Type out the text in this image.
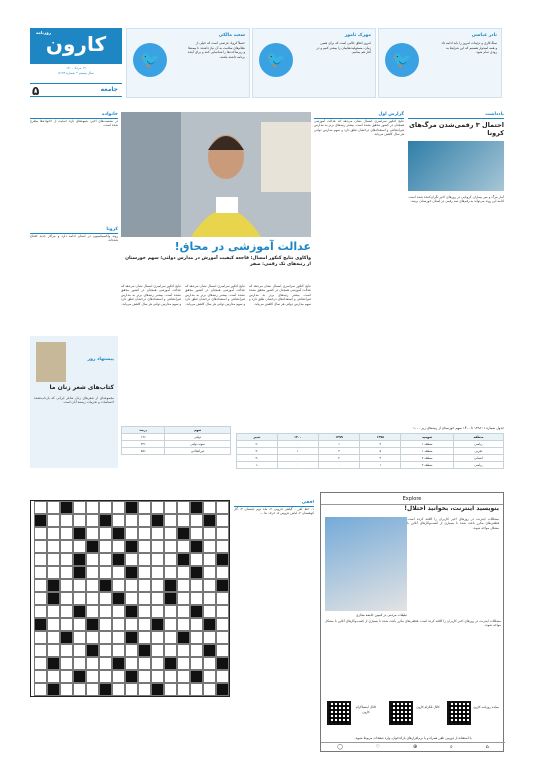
روزنامه
کارون
۱۹ مرداد ۱۴۰۰
سال بیستم • شماره ۵۱۹۳
۵	جامعه
سعید مالکی
حسلاً کرونا، فرصتی است که خیلی از نظام‌های سلامت به آن نیاز داشتند تا بیمه‌ها و زیرساخت‌ها را شناسایی کنند و برای آینده برنامه داشته باشند.
🐦
مهرک تاموز
امروز اتفاق جالبی است که برای همین زمان، مسئولیت‌هایمان را بیشتر کنیم و در کنار هم بمانیم.
🐦
نادر عباسی
سنگ‌کاری و تزئینات امروز را باید ادامه داد و همه امیدوار هستیم که این شرایط به زودی تمام شود.
🐦
خانواده
در نشست‌های اخیر، شیوه‌های تازه حمایت از خانواده‌ها مطرح شده است.
کرونا
روند واکسیناسیون در استان ادامه دارد و مراکز جدید افتتاح شده‌اند.
پیشنهاد روز
کتاب‌های شعر زنان ما
مجموعه‌ای از شعرهای زنان شاعر ایرانی که بازتاب‌دهنده احساسات و تجربیات زیسته آنان است.
عدالت آموزشی در محاق!
واکاوی نتایج کنکور امسال؛ فاجعه کیفیت آموزش در مدارس دولتی؛ سهم خوزستان از رتبه‌های تک رقمی: صفر
نتایج کنکور سراسری امسال نشان می‌دهد که عدالت آموزشی همچنان در کشور محقق نشده است. بیشتر رتبه‌های برتر به مدارس غیرانتفاعی و استعدادهای درخشان تعلق دارد و سهم مدارس دولتی هر سال کاهش می‌یابد.
نتایج کنکور سراسری امسال نشان می‌دهد که عدالت آموزشی همچنان در کشور محقق نشده است. بیشتر رتبه‌های برتر به مدارس غیرانتفاعی و استعدادهای درخشان تعلق دارد و سهم مدارس دولتی هر سال کاهش می‌یابد.
نتایج کنکور سراسری امسال نشان می‌دهد که عدالت آموزشی همچنان در کشور محقق نشده است. بیشتر رتبه‌های برتر به مدارس غیرانتفاعی و استعدادهای درخشان تعلق دارد و سهم مدارس دولتی هر سال کاهش می‌یابد.
گزارش اول
نتایج کنکور سراسری امسال نشان می‌دهد که عدالت آموزشی همچنان در کشور محقق نشده است. بیشتر رتبه‌های برتر به مدارس غیرانتفاعی و استعدادهای درخشان تعلق دارد و سهم مدارس دولتی هر سال کاهش می‌یابد.
یادداشت
احتمال ۳ رقمی‌شدن مرگ‌های کرونا
آمار مرگ و میر بیماران کرونایی در روزهای اخیر نگران‌کننده شده است. ادامه این روند می‌تواند به رقم‌های سه رقمی در استان خوزستان برسد.
سهم	درصد
دولتی	۱۹٪
نمونه دولتی	۲۳٪
غیرانتفاعی	۵۸٪
جدول شماره ۱: ۱۳۹۸ تا ۱۴۰۰ سهم خوزستان از رتبه‌های زیر ۱۰۰۰
منطقه	سهمیه	۱۳۹۸	۱۳۹۹	۱۴۰۰	تغییر
ریاضی	منطقه ۱	۲	۱	۰	-۲
تجربی	منطقه ۱	۵	۳	۱	-۴
انسانی	منطقه ۲	۳	۲	۰	-۳
ریاضی	منطقه ۲	۱	۰	۰	-۱
افقی
۱- خط آهن - گیاهی دارویی ۲- ماه دوم تابستان ۳- گل کوهستان ۴- لباس عروس ۵- حرف ندا ...
Explore
بنویسید اینترنت، بخوانید اختلال!
مشکلات اینترنت در روزهای اخیر کاربران را کلافه کرده است. قطعی‌های مکرر باعث شده تا بسیاری از کسب‌وکارهای آنلاین با مشکل مواجه شوند.
تبلیغات مردمی در کمپین جامعه مجازی
مشکلات اینترنت در روزهای اخیر کاربران را کلافه کرده است. قطعی‌های مکرر باعث شده تا بسیاری از کسب‌وکارهای آنلاین با مشکل مواجه شوند.
کانال اینستاگرام کارون
کانال تلگرام کارون	سایت روزنامه کارون
با استفاده از دوربین تلفن همراه و یا نرم‌افزارهای بارکدخوان، وارد صفحات مربوط شوید.
⌂
⌕
⊕
♡
◯
